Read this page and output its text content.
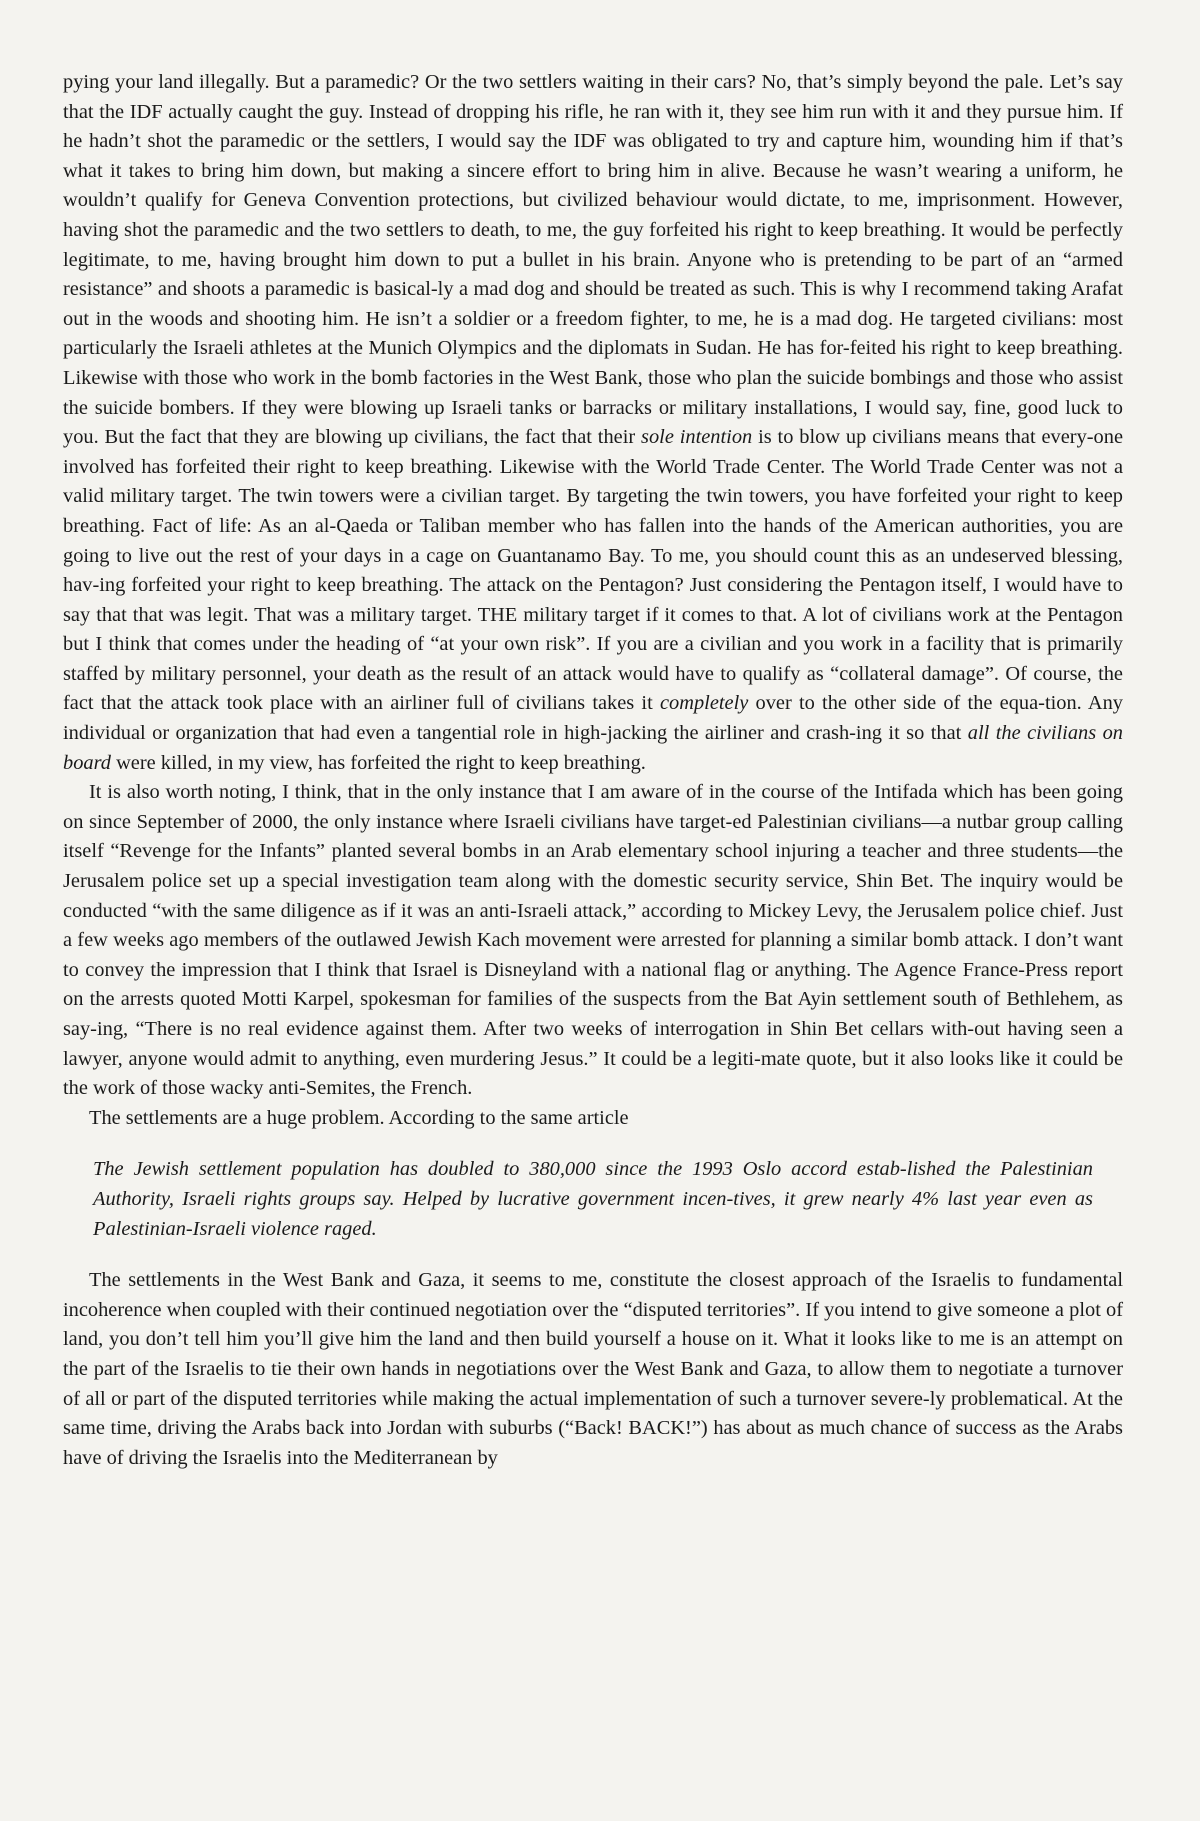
pying your land illegally. But a paramedic? Or the two settlers waiting in their cars? No, that’s simply beyond the pale. Let’s say that the IDF actually caught the guy. Instead of dropping his rifle, he ran with it, they see him run with it and they pursue him. If he hadn’t shot the paramedic or the settlers, I would say the IDF was obligated to try and capture him, wounding him if that’s what it takes to bring him down, but making a sincere effort to bring him in alive. Because he wasn’t wearing a uniform, he wouldn’t qualify for Geneva Convention protections, but civilized behaviour would dictate, to me, imprisonment. However, having shot the paramedic and the two settlers to death, to me, the guy forfeited his right to keep breathing. It would be perfectly legitimate, to me, having brought him down to put a bullet in his brain. Anyone who is pretending to be part of an “armed resistance” and shoots a paramedic is basical-ly a mad dog and should be treated as such. This is why I recommend taking Arafat out in the woods and shooting him. He isn’t a soldier or a freedom fighter, to me, he is a mad dog. He targeted civilians: most particularly the Israeli athletes at the Munich Olympics and the diplomats in Sudan. He has for-feited his right to keep breathing. Likewise with those who work in the bomb factories in the West Bank, those who plan the suicide bombings and those who assist the suicide bombers. If they were blowing up Israeli tanks or barracks or military installations, I would say, fine, good luck to you. But the fact that they are blowing up civilians, the fact that their sole intention is to blow up civilians means that every-one involved has forfeited their right to keep breathing. Likewise with the World Trade Center. The World Trade Center was not a valid military target. The twin towers were a civilian target. By targeting the twin towers, you have forfeited your right to keep breathing. Fact of life: As an al-Qaeda or Taliban member who has fallen into the hands of the American authorities, you are going to live out the rest of your days in a cage on Guantanamo Bay. To me, you should count this as an undeserved blessing, hav-ing forfeited your right to keep breathing. The attack on the Pentagon? Just considering the Pentagon itself, I would have to say that that was legit. That was a military target. THE military target if it comes to that. A lot of civilians work at the Pentagon but I think that comes under the heading of “at your own risk”. If you are a civilian and you work in a facility that is primarily staffed by military personnel, your death as the result of an attack would have to qualify as “collateral damage”. Of course, the fact that the attack took place with an airliner full of civilians takes it completely over to the other side of the equa-tion. Any individual or organization that had even a tangential role in high-jacking the airliner and crash-ing it so that all the civilians on board were killed, in my view, has forfeited the right to keep breathing.

It is also worth noting, I think, that in the only instance that I am aware of in the course of the Intifada which has been going on since September of 2000, the only instance where Israeli civilians have target-ed Palestinian civilians—a nutbar group calling itself “Revenge for the Infants” planted several bombs in an Arab elementary school injuring a teacher and three students—the Jerusalem police set up a special investigation team along with the domestic security service, Shin Bet. The inquiry would be conducted “with the same diligence as if it was an anti-Israeli attack,” according to Mickey Levy, the Jerusalem police chief. Just a few weeks ago members of the outlawed Jewish Kach movement were arrested for planning a similar bomb attack. I don’t want to convey the impression that I think that Israel is Disneyland with a national flag or anything. The Agence France-Press report on the arrests quoted Motti Karpel, spokesman for families of the suspects from the Bat Ayin settlement south of Bethlehem, as say-ing, “There is no real evidence against them. After two weeks of interrogation in Shin Bet cellars with-out having seen a lawyer, anyone would admit to anything, even murdering Jesus.” It could be a legiti-mate quote, but it also looks like it could be the work of those wacky anti-Semites, the French.

The settlements are a huge problem. According to the same article

The Jewish settlement population has doubled to 380,000 since the 1993 Oslo accord estab-lished the Palestinian Authority, Israeli rights groups say. Helped by lucrative government incen-tives, it grew nearly 4% last year even as Palestinian-Israeli violence raged.

The settlements in the West Bank and Gaza, it seems to me, constitute the closest approach of the Israelis to fundamental incoherence when coupled with their continued negotiation over the “disputed territories”. If you intend to give someone a plot of land, you don’t tell him you’ll give him the land and then build yourself a house on it. What it looks like to me is an attempt on the part of the Israelis to tie their own hands in negotiations over the West Bank and Gaza, to allow them to negotiate a turnover of all or part of the disputed territories while making the actual implementation of such a turnover severe-ly problematical. At the same time, driving the Arabs back into Jordan with suburbs (“Back! BACK!”) has about as much chance of success as the Arabs have of driving the Israelis into the Mediterranean by
